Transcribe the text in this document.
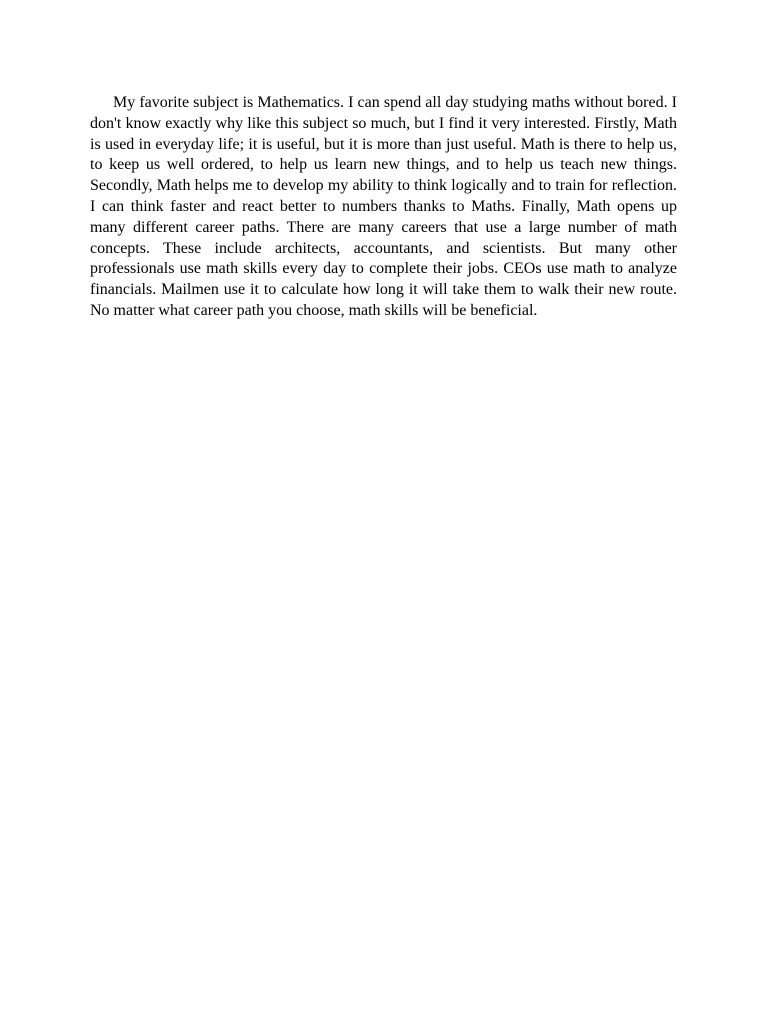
My favorite subject is Mathematics. I can spend all day studying maths without bored. I don't know exactly why like this subject so much, but I find it very interested. Firstly, Math is used in everyday life; it is useful, but it is more than just useful. Math is there to help us, to keep us well ordered, to help us learn new things, and to help us teach new things. Secondly, Math helps me to develop my ability to think logically and to train for reflection. I can think faster and react better to numbers thanks to Maths. Finally, Math opens up many different career paths. There are many careers that use a large number of math concepts. These include architects, accountants, and scientists. But many other professionals use math skills every day to complete their jobs. CEOs use math to analyze financials. Mailmen use it to calculate how long it will take them to walk their new route. No matter what career path you choose, math skills will be beneficial.
